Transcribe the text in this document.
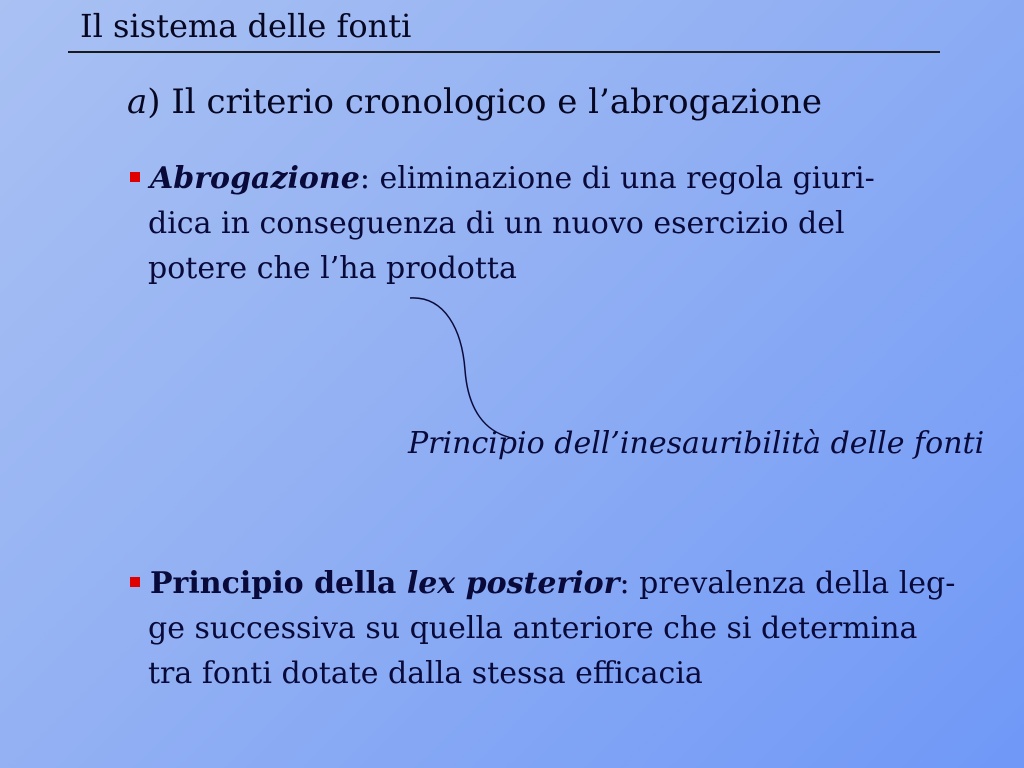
Il sistema delle fonti
a) Il criterio cronologico e l’abrogazione
Abrogazione: eliminazione di una regola giuri-
dica in conseguenza di un nuovo esercizio del
potere che l’ha prodotta
Principio dell’inesauribilità delle fonti
Principio della lex posterior: prevalenza della leg-
ge successiva su quella anteriore che si determina
tra fonti dotate dalla stessa efficacia
